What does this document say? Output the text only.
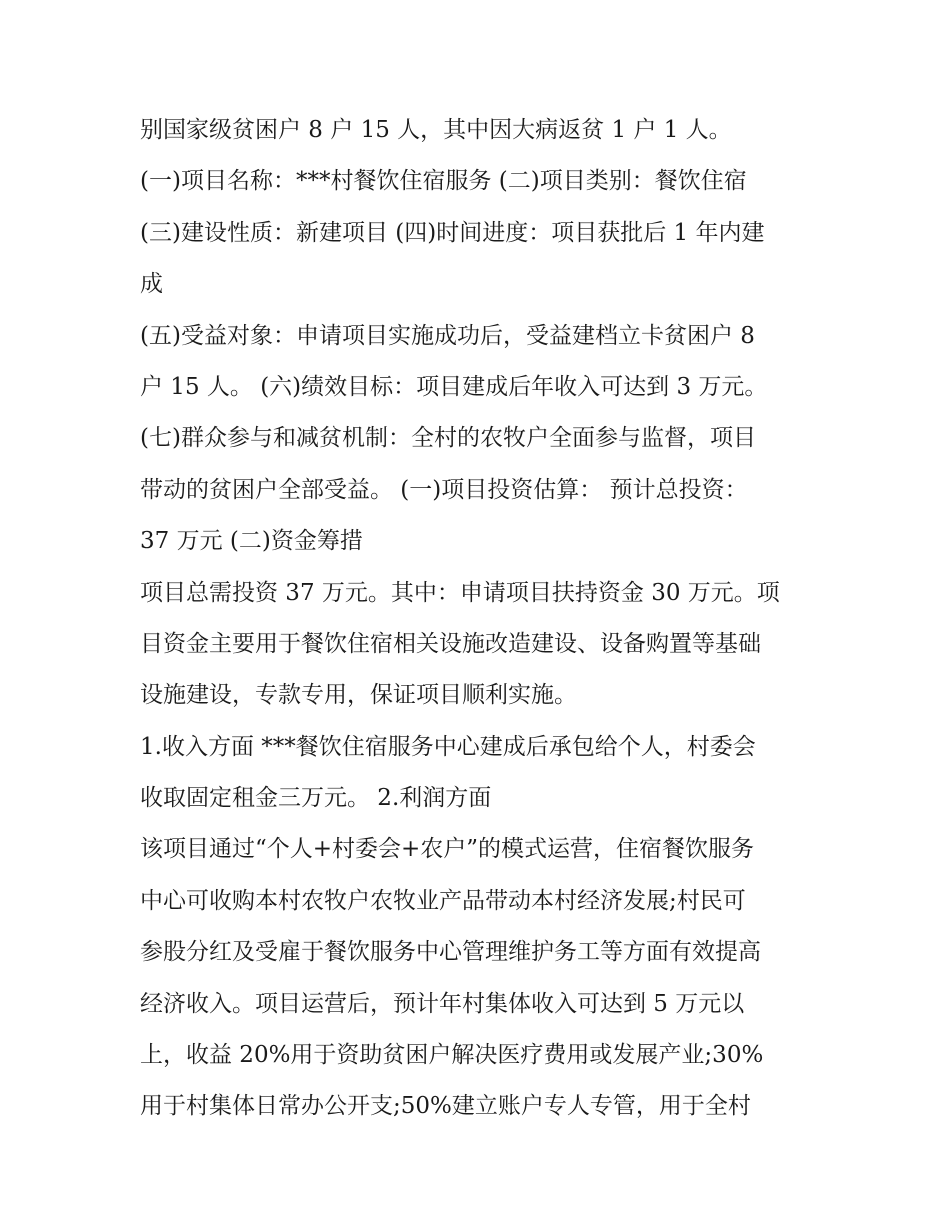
别国家级贫困户 8 户 15 人，其中因大病返贫 1 户 1 人。
(一)项目名称：***村餐饮住宿服务 (二)项目类别：餐饮住宿
(三)建设性质：新建项目 (四)时间进度：项目获批后 1 年内建
成
(五)受益对象：申请项目实施成功后，受益建档立卡贫困户 8
户 15 人。 (六)绩效目标：项目建成后年收入可达到 3 万元。
(七)群众参与和减贫机制：全村的农牧户全面参与监督，项目
带动的贫困户全部受益。 (一)项目投资估算： 预计总投资：
37 万元 (二)资金筹措
项目总需投资 37 万元。其中：申请项目扶持资金 30 万元。项
目资金主要用于餐饮住宿相关设施改造建设、设备购置等基础
设施建设，专款专用，保证项目顺利实施。
1.收入方面 ***餐饮住宿服务中心建成后承包给个人，村委会
收取固定租金三万元。 2.利润方面
该项目通过“个人+村委会+农户”的模式运营，住宿餐饮服务
中心可收购本村农牧户农牧业产品带动本村经济发展;村民可
参股分红及受雇于餐饮服务中心管理维护务工等方面有效提高
经济收入。项目运营后，预计年村集体收入可达到 5 万元以
上，收益 20%用于资助贫困户解决医疗费用或发展产业;30%
用于村集体日常办公开支;50%建立账户专人专管，用于全村
